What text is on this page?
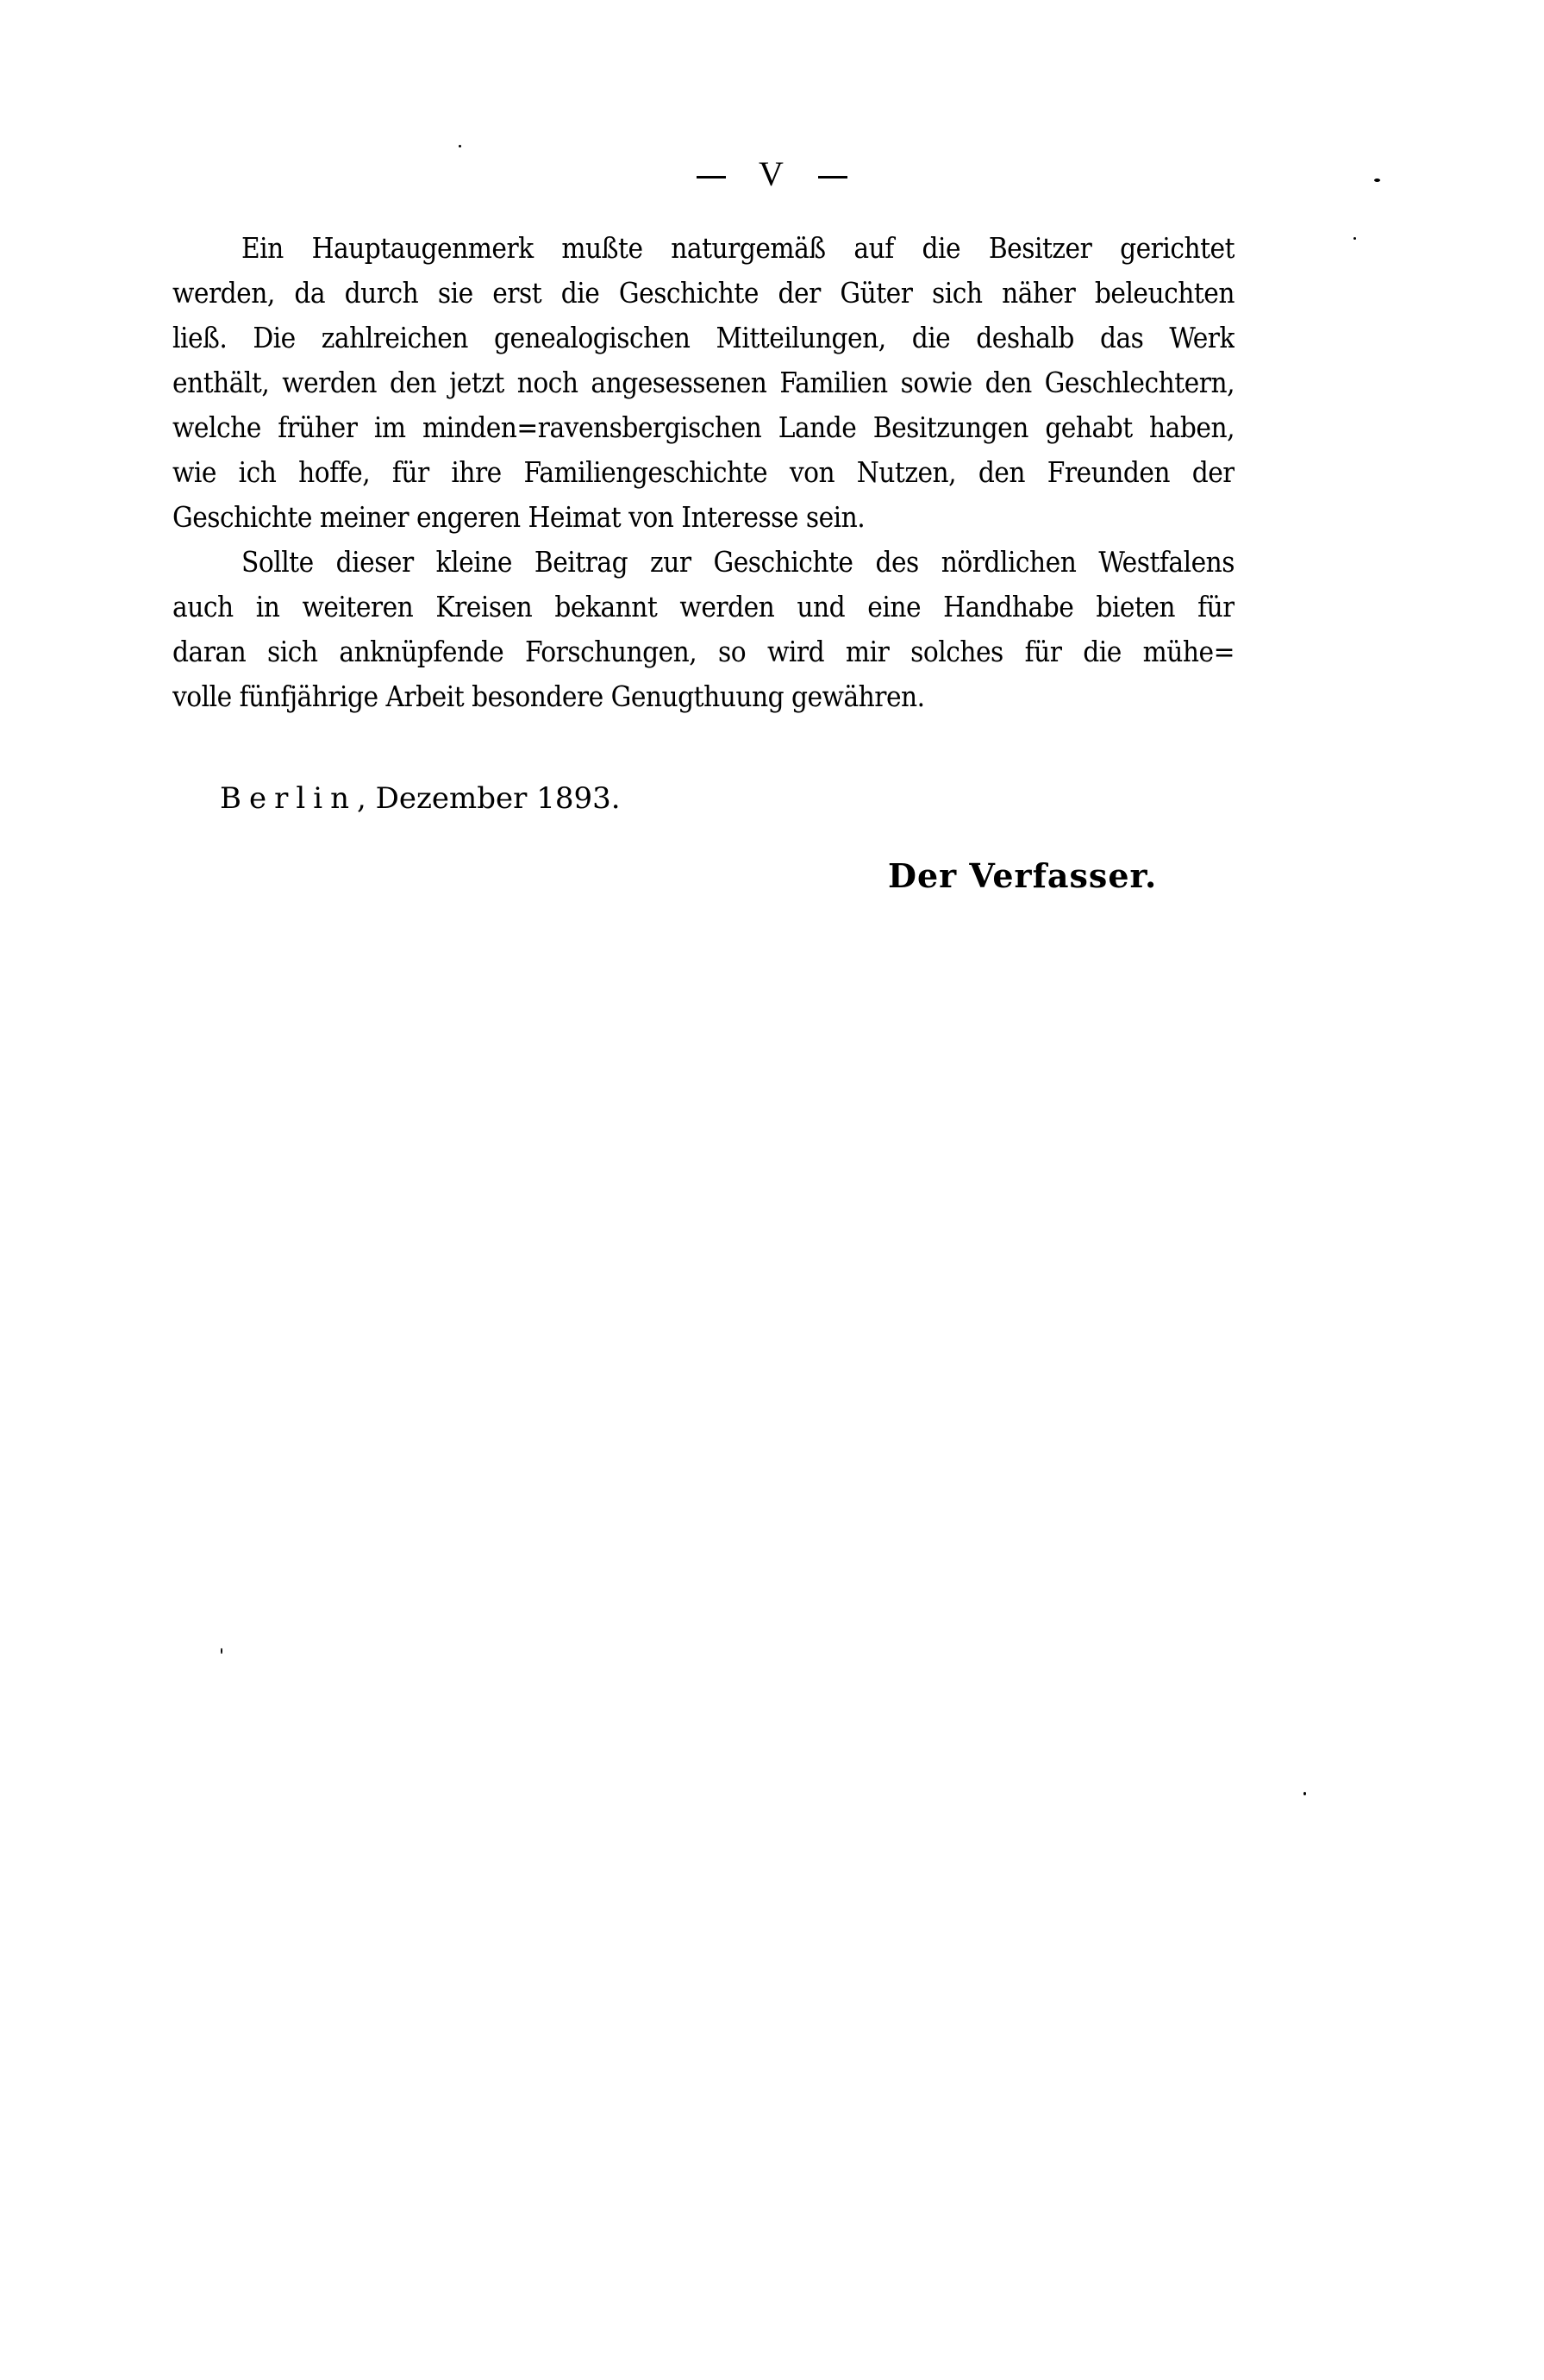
V
Ein Hauptaugenmerk mußte naturgemäß auf die Besitzer gerichtet
werden, da durch sie erst die Geschichte der Güter sich näher beleuchten
ließ. Die zahlreichen genealogischen Mitteilungen, die deshalb das Werk
enthält, werden den jetzt noch angesessenen Familien sowie den Geschlechtern,
welche früher im minden=ravensbergischen Lande Besitzungen gehabt haben,
wie ich hoffe, für ihre Familiengeschichte von Nutzen, den Freunden der
Geschichte meiner engeren Heimat von Interesse sein.
Sollte dieser kleine Beitrag zur Geschichte des nördlichen Westfalens
auch in weiteren Kreisen bekannt werden und eine Handhabe bieten für
daran sich anknüpfende Forschungen, so wird mir solches für die mühe=
volle fünfjährige Arbeit besondere Genugthuung gewähren.
Berlin, Dezember 1893.
Der Verfasser.
